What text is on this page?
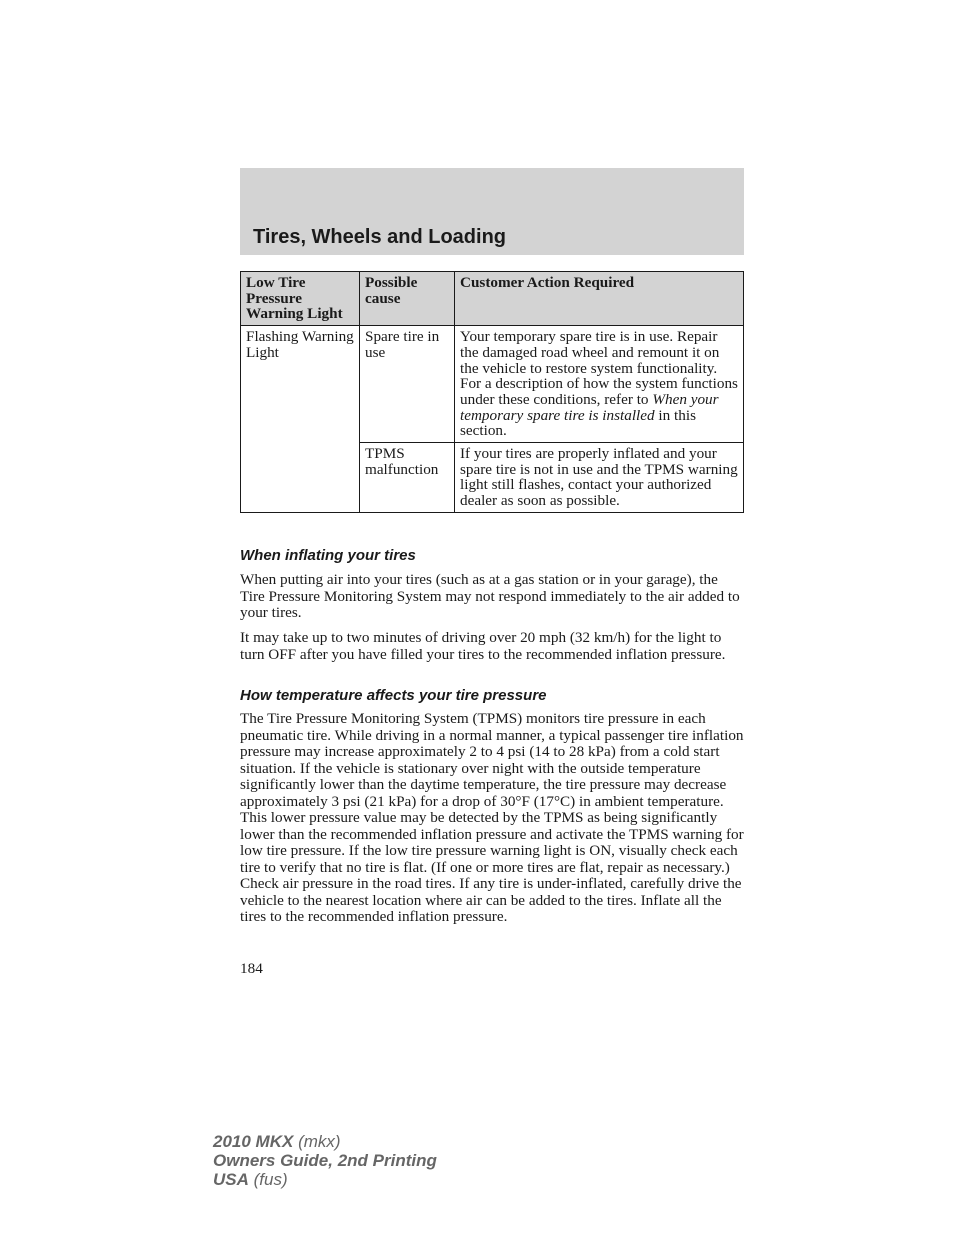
Tires, Wheels and Loading
Low Tire Pressure Warning Light	Possible cause	Customer Action Required
Flashing Warning Light	Spare tire in use	Your temporary spare tire is in use. Repair the damaged road wheel and remount it on the vehicle to restore system functionality. For a description of how the system functions under these conditions, refer to When your temporary spare tire is installed in this section.
	TPMS malfunction	If your tires are properly inflated and your spare tire is not in use and the TPMS warning light still flashes, contact your authorized dealer as soon as possible.
When inflating your tires

When putting air into your tires (such as at a gas station or in your garage), the Tire Pressure Monitoring System may not respond immediately to the air added to your tires.

It may take up to two minutes of driving over 20 mph (32 km/h) for the light to turn OFF after you have filled your tires to the recommended inflation pressure.

How temperature affects your tire pressure

The Tire Pressure Monitoring System (TPMS) monitors tire pressure in each pneumatic tire. While driving in a normal manner, a typical passenger tire inflation pressure may increase approximately 2 to 4 psi (14 to 28 kPa) from a cold start situation. If the vehicle is stationary over night with the outside temperature significantly lower than the daytime temperature, the tire pressure may decrease approximately 3 psi (21 kPa) for a drop of 30°F (17°C) in ambient temperature. This lower pressure value may be detected by the TPMS as being significantly lower than the recommended inflation pressure and activate the TPMS warning for low tire pressure. If the low tire pressure warning light is ON, visually check each tire to verify that no tire is flat. (If one or more tires are flat, repair as necessary.) Check air pressure in the road tires. If any tire is under-inflated, carefully drive the vehicle to the nearest location where air can be added to the tires. Inflate all the tires to the recommended inflation pressure.

184

2010 MKX (mkx)
Owners Guide, 2nd Printing
USA (fus)
